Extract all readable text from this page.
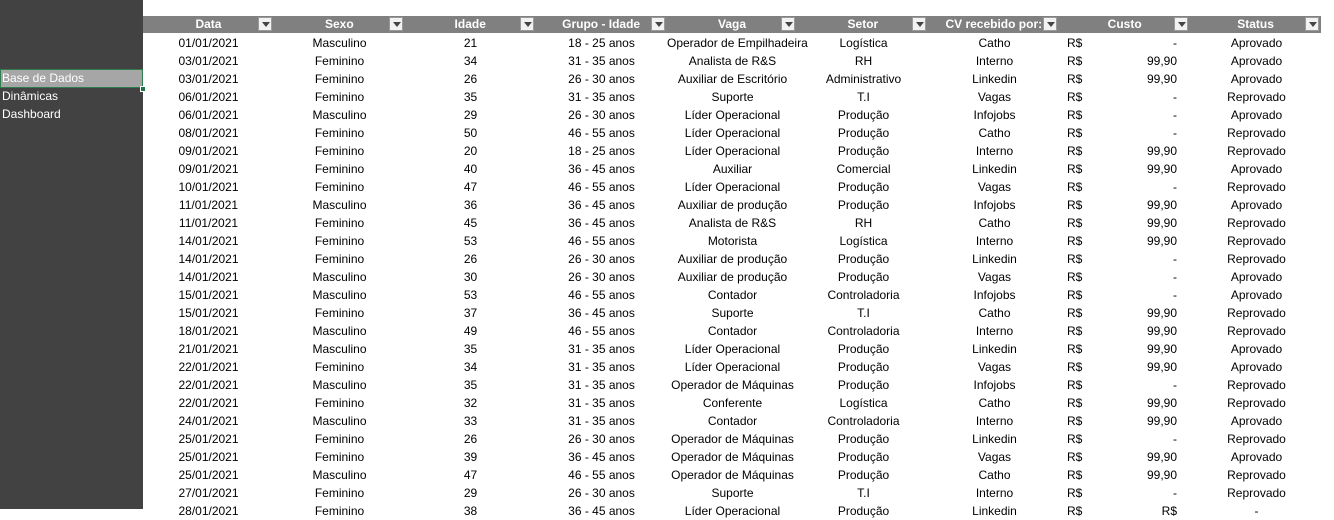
Base de Dados
Dinâmicas
Dashboard
Data	Sexo	Idade	Grupo - Idade	Vaga	Setor	CV recebido por:	Custo	Status
01/01/2021	Masculino	21	18 - 25 anos	Operador de Empilhadeira	Logística	Catho	R$	-	Aprovado
03/01/2021	Feminino	34	31 - 35 anos	Analista de R&S	RH	Interno	R$	99,90	Aprovado
03/01/2021	Feminino	26	26 - 30 anos	Auxiliar de Escritório	Administrativo	Linkedin	R$	99,90	Aprovado
06/01/2021	Feminino	35	31 - 35 anos	Suporte	T.I	Vagas	R$	-	Reprovado
06/01/2021	Masculino	29	26 - 30 anos	Líder Operacional	Produção	Infojobs	R$	-	Aprovado
08/01/2021	Feminino	50	46 - 55 anos	Líder Operacional	Produção	Catho	R$	-	Reprovado
09/01/2021	Feminino	20	18 - 25 anos	Líder Operacional	Produção	Interno	R$	99,90	Reprovado
09/01/2021	Feminino	40	36 - 45 anos	Auxiliar	Comercial	Linkedin	R$	99,90	Aprovado
10/01/2021	Feminino	47	46 - 55 anos	Líder Operacional	Produção	Vagas	R$	-	Reprovado
11/01/2021	Masculino	36	36 - 45 anos	Auxiliar de produção	Produção	Infojobs	R$	99,90	Aprovado
11/01/2021	Feminino	45	36 - 45 anos	Analista de R&S	RH	Catho	R$	99,90	Reprovado
14/01/2021	Feminino	53	46 - 55 anos	Motorista	Logística	Interno	R$	99,90	Reprovado
14/01/2021	Feminino	26	26 - 30 anos	Auxiliar de produção	Produção	Linkedin	R$	-	Reprovado
14/01/2021	Masculino	30	26 - 30 anos	Auxiliar de produção	Produção	Vagas	R$	-	Aprovado
15/01/2021	Masculino	53	46 - 55 anos	Contador	Controladoria	Infojobs	R$	-	Aprovado
15/01/2021	Feminino	37	36 - 45 anos	Suporte	T.I	Catho	R$	99,90	Reprovado
18/01/2021	Masculino	49	46 - 55 anos	Contador	Controladoria	Interno	R$	99,90	Reprovado
21/01/2021	Masculino	35	31 - 35 anos	Líder Operacional	Produção	Linkedin	R$	99,90	Aprovado
22/01/2021	Feminino	34	31 - 35 anos	Líder Operacional	Produção	Vagas	R$	99,90	Aprovado
22/01/2021	Masculino	35	31 - 35 anos	Operador de Máquinas	Produção	Infojobs	R$	-	Reprovado
22/01/2021	Feminino	32	31 - 35 anos	Conferente	Logística	Catho	R$	99,90	Reprovado
24/01/2021	Masculino	33	31 - 35 anos	Contador	Controladoria	Interno	R$	99,90	Aprovado
25/01/2021	Feminino	26	26 - 30 anos	Operador de Máquinas	Produção	Linkedin	R$	-	Reprovado
25/01/2021	Feminino	39	36 - 45 anos	Operador de Máquinas	Produção	Vagas	R$	99,90	Aprovado
25/01/2021	Masculino	47	46 - 55 anos	Operador de Máquinas	Produção	Catho	R$	99,90	Reprovado
27/01/2021	Feminino	29	26 - 30 anos	Suporte	T.I	Interno	R$	-	Reprovado
28/01/2021	Feminino	38	36 - 45 anos	Líder Operacional	Produção	Linkedin	R$	R$	-
